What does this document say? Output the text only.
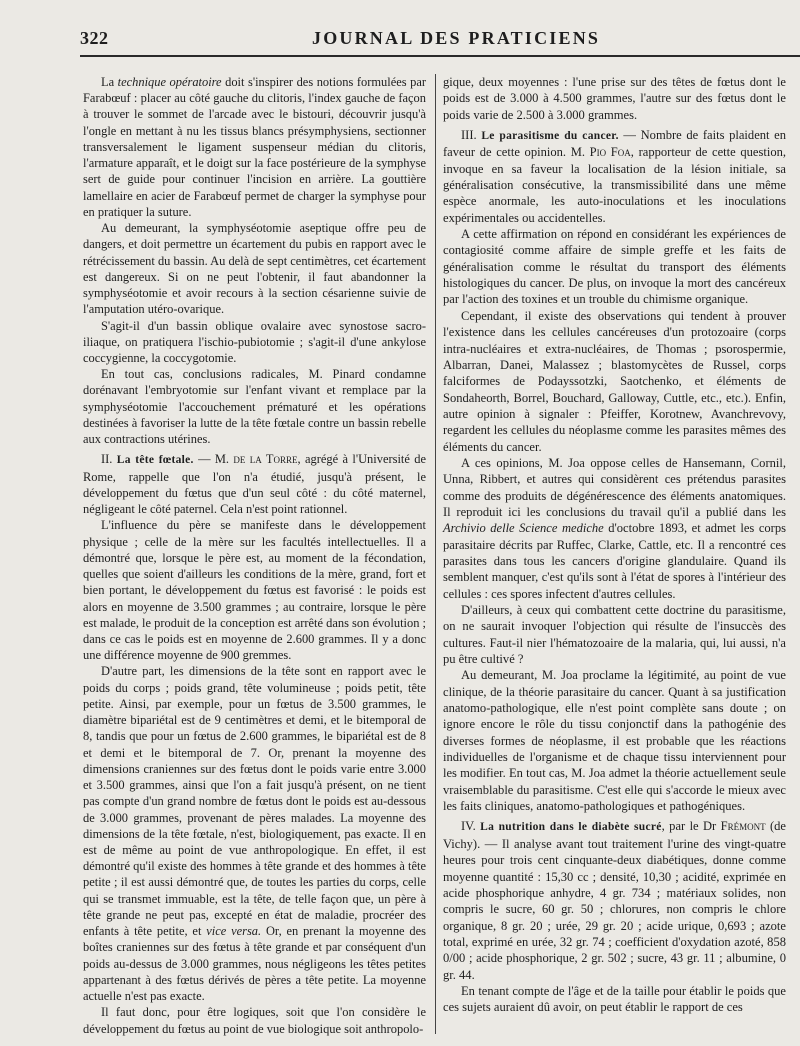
322	JOURNAL DES PRATICIENS

La technique opératoire doit s'inspirer des notions formulées par Farabœuf : placer au côté gauche du clitoris, l'index gauche de façon à trouver le sommet de l'arcade avec le bistouri, découvrir jusqu'à l'ongle en mettant à nu les tissus blancs présymphysiens, sectionner transversalement le ligament suspenseur médian du clitoris, l'armature apparaît, et le doigt sur la face postérieure de la symphyse sert de guide pour continuer l'incision en arrière. La gouttière lamellaire en acier de Farabœuf permet de charger la symphyse pour en pratiquer la suture.

Au demeurant, la symphyséotomie aseptique offre peu de dangers, et doit permettre un écartement du pubis en rapport avec le rétrécissement du bassin. Au delà de sept centimètres, cet écartement est dangereux. Si on ne peut l'obtenir, il faut abandonner la symphyséotomie et avoir recours à la section césarienne suivie de l'amputation utéro-ovarique.

S'agit-il d'un bassin oblique ovalaire avec synostose sacro-iliaque, on pratiquera l'ischio-pubiotomie ; s'agit-il d'une ankylose coccygienne, la coccygotomie.

En tout cas, conclusions radicales, M. Pinard condamne dorénavant l'embryotomie sur l'enfant vivant et remplace par la symphyséotomie l'accouchement prématuré et les opérations destinées à favoriser la lutte de la tête fœtale contre un bassin rebelle aux contractions utérines.

II. La tête fœtale. — M. de la Torre, agrégé à l'Université de Rome, rappelle que l'on n'a étudié, jusqu'à présent, le développement du fœtus que d'un seul côté : du côté maternel, négligeant le côté paternel. Cela n'est point rationnel.

L'influence du père se manifeste dans le développement physique ; celle de la mère sur les facultés intellectuelles. Il a démontré que, lorsque le père est, au moment de la fécondation, quelles que soient d'ailleurs les conditions de la mère, grand, fort et bien portant, le développement du fœtus est favorisé : le poids est alors en moyenne de 3.500 grammes ; au contraire, lorsque le père est malade, le produit de la conception est arrêté dans son évolution ; dans ce cas le poids est en moyenne de 2.600 grammes. Il y a donc une différence moyenne de 900 gremmes.

D'autre part, les dimensions de la tête sont en rapport avec le poids du corps ; poids grand, tête volumineuse ; poids petit, tête petite. Ainsi, par exemple, pour un fœtus de 3.500 grammes, le diamètre bipariétal est de 9 centimètres et demi, et le bitemporal de 8, tandis que pour un fœtus de 2.600 grammes, le bipariétal est de 8 et demi et le bitemporal de 7. Or, prenant la moyenne des dimensions craniennes sur des fœtus dont le poids varie entre 3.000 et 3.500 grammes, ainsi que l'on a fait jusqu'à présent, on ne tient pas compte d'un grand nombre de fœtus dont le poids est au-dessous de 3.000 grammes, provenant de pères malades. La moyenne des dimensions de la tête fœtale, n'est, biologiquement, pas exacte. Il en est de même au point de vue anthropologique. En effet, il est démontré qu'il existe des hommes à tête grande et des hommes à tête petite ; il est aussi démontré que, de toutes les parties du corps, celle qui se transmet immuable, est la tête, de telle façon que, un père à tête grande ne peut pas, excepté en état de maladie, procréer des enfants à tête petite, et vice versa. Or, en prenant la moyenne des boîtes craniennes sur des fœtus à tête grande et par conséquent d'un poids au-dessus de 3.000 grammes, nous négligeons les têtes petites appartenant à des fœtus dérivés de pères a tête petite. La moyenne actuelle n'est pas exacte.

Il faut donc, pour être logiques, soit que l'on considère le développement du fœtus au point de vue biologique soit anthropolo-

gique, deux moyennes : l'une prise sur des têtes de fœtus dont le poids est de 3.000 à 4.500 grammes, l'autre sur des fœtus dont le poids varie de 2.500 à 3.000 grammes.

III. Le parasitisme du cancer. — Nombre de faits plaident en faveur de cette opinion. M. Pio Foa, rapporteur de cette question, invoque en sa faveur la localisation de la lésion initiale, sa généralisation consécutive, la transmissibilité dans une même espèce anormale, les auto-inoculations et les inoculations expérimentales ou accidentelles.

A cette affirmation on répond en considérant les expériences de contagiosité comme affaire de simple greffe et les faits de généralisation comme le résultat du transport des éléments histologiques du cancer. De plus, on invoque la mort des cancéreux par l'action des toxines et un trouble du chimisme organique.

Cependant, il existe des observations qui tendent à prouver l'existence dans les cellules cancéreuses d'un protozoaire (corps intra-nucléaires et extra-nucléaires, de Thomas ; psorospermie, Albarran, Danei, Malassez ; blastomycètes de Russel, corps falciformes de Podayssotzki, Saotchenko, et éléments de Sondaheorth, Borrel, Bouchard, Galloway, Cuttle, etc., etc.). Enfin, autre opinion à signaler : Pfeiffer, Korotnew, Avanchrevovy, regardent les cellules du néoplasme comme les parasites mêmes des éléments du cancer.

A ces opinions, M. Joa oppose celles de Hansemann, Cornil, Unna, Ribbert, et autres qui considèrent ces prétendus parasites comme des produits de dégénérescence des éléments anatomiques. Il reproduit ici les conclusions du travail qu'il a publié dans les Archivio delle Science mediche d'octobre 1893, et admet les corps parasitaire décrits par Ruffec, Clarke, Cattle, etc. Il a rencontré ces parasites dans tous les cancers d'origine glandulaire. Quand ils semblent manquer, c'est qu'ils sont à l'état de spores à l'intérieur des cellules : ces spores infectent d'autres cellules.

D'ailleurs, à ceux qui combattent cette doctrine du parasitisme, on ne saurait invoquer l'objection qui résulte de l'insuccès des cultures. Faut-il nier l'hématozoaire de la malaria, qui, lui aussi, n'a pu être cultivé ?

Au demeurant, M. Joa proclame la légitimité, au point de vue clinique, de la théorie parasitaire du cancer. Quant à sa justification anatomo-pathologique, elle n'est point complète sans doute ; on ignore encore le rôle du tissu conjonctif dans la pathogénie des diverses formes de néoplasme, il est probable que les réactions individuelles de l'organisme et de chaque tissu interviennent pour les modifier. En tout cas, M. Joa admet la théorie actuellement seule vraisemblable du parasitisme. C'est elle qui s'accorde le mieux avec les faits cliniques, anatomo-pathologiques et pathogéniques.

IV. La nutrition dans le diabète sucré, par le Dr Frémont (de Vichy). — Il analyse avant tout traitement l'urine des vingt-quatre heures pour trois cent cinquante-deux diabétiques, donne comme moyenne quantité : 15,30 cc ; densité, 10,30 ; acidité, exprimée en acide phosphorique anhydre, 4 gr. 734 ; matériaux solides, non compris le sucre, 60 gr. 50 ; chlorures, non compris le chlore organique, 8 gr. 20 ; urée, 29 gr. 20 ; acide urique, 0,693 ; azote total, exprimé en urée, 32 gr. 74 ; coefficient d'oxydation azoté, 858 0/00 ; acide phosphorique, 2 gr. 502 ; sucre, 43 gr. 11 ; albumine, 0 gr. 44.

En tenant compte de l'âge et de la taille pour établir le poids que ces sujets auraient dû avoir, on peut établir le rapport de ces
